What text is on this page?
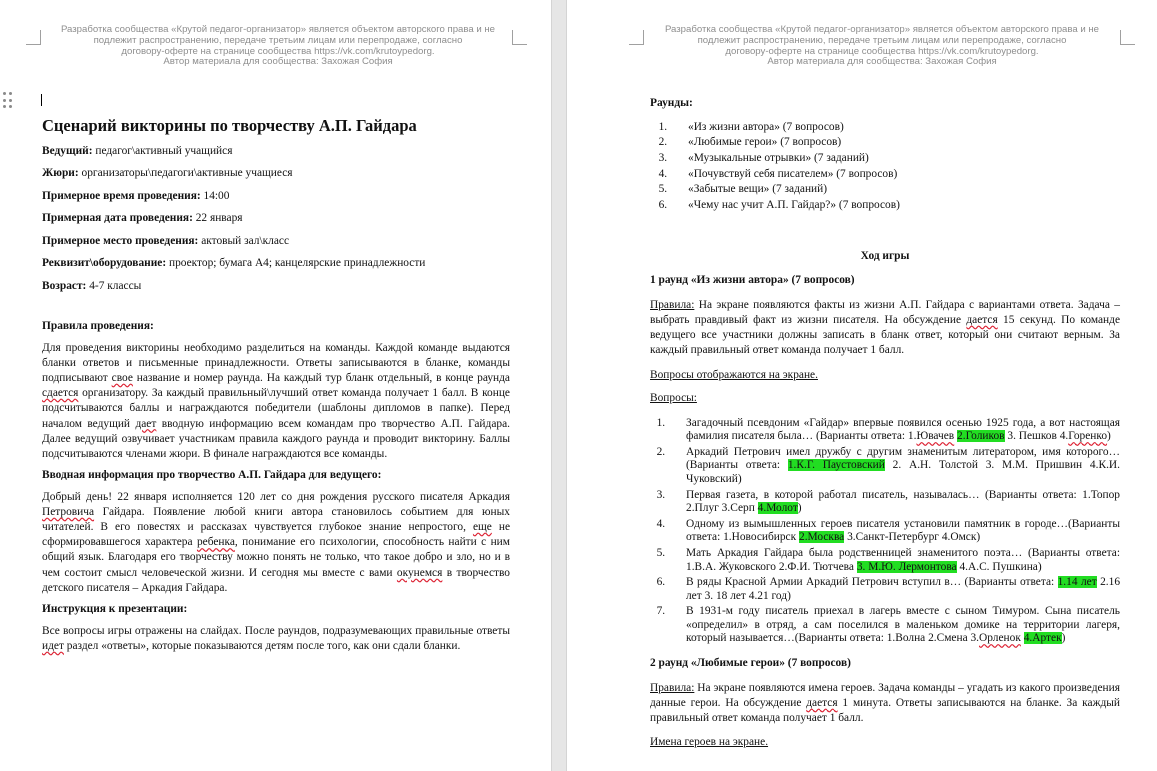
Разработка сообщества «Крутой педагог-организатор» является объектом авторского права и не
подлежит распространению, передаче третьим лицам или перепродаже, согласно
договору-оферте на странице сообщества https://vk.com/krutoypedorg.
Автор материала для сообщества: Захожая София
Сценарий викторины по творчеству А.П. Гайдара
Ведущий: педагог\активный учащийся
Жюри: организаторы\педагоги\активные учащиеся
Примерное время проведения: 14:00
Примерная дата проведения: 22 января
Примерное место проведения: актовый зал\класс
Реквизит\оборудование: проектор; бумага А4; канцелярские принадлежности
Возраст: 4-7 классы
Правила проведения:
Для проведения викторины необходимо разделиться на команды. Каждой команде выдаются бланки ответов и письменные принадлежности. Ответы записываются в бланке, команды подписывают свое название и номер раунда. На каждый тур бланк отдельный, в конце раунда сдается организатору. За каждый правильный\лучший ответ команда получает 1 балл. В конце подсчитываются баллы и награждаются победители (шаблоны дипломов в папке). Перед началом ведущий дает вводную информацию всем командам про творчество А.П. Гайдара. Далее ведущий озвучивает участникам правила каждого раунда и проводит викторину. Баллы подсчитываются членами жюри. В финале награждаются все команды.
Вводная информация про творчество А.П. Гайдара для ведущего:
Добрый день! 22 января исполняется 120 лет со дня рождения русского писателя Аркадия Петровича Гайдара. Появление любой книги автора становилось событием для юных читателей. В его повестях и рассказах чувствуется глубокое знание непростого, еще не сформировавшегося характера ребенка, понимание его психологии, способность найти с ним общий язык. Благодаря его творчеству можно понять не только, что такое добро и зло, но и в чем состоит смысл человеческой жизни. И сегодня мы вместе с вами окунемся в творчество детского писателя – Аркадия Гайдара.
Инструкция к презентации:
Все вопросы игры отражены на слайдах. После раундов, подразумевающих правильные ответы идет раздел «ответы», которые показываются детям после того, как они сдали бланки.
Разработка сообщества «Крутой педагог-организатор» является объектом авторского права и не
подлежит распространению, передаче третьим лицам или перепродаже, согласно
договору-оферте на странице сообщества https://vk.com/krutoypedorg.
Автор материала для сообщества: Захожая София
Раунды:
1. «Из жизни автора» (7 вопросов)
2. «Любимые герои» (7 вопросов)
3. «Музыкальные отрывки» (7 заданий)
4. «Почувствуй себя писателем» (7 вопросов)
5. «Забытые вещи» (7 заданий)
6. «Чему нас учит А.П. Гайдар?» (7 вопросов)
Ход игры
1 раунд «Из жизни автора» (7 вопросов)
Правила: На экране появляются факты из жизни А.П. Гайдара с вариантами ответа. Задача – выбрать правдивый факт из жизни писателя. На обсуждение дается 15 секунд. По команде ведущего все участники должны записать в бланк ответ, который они считают верным. За каждый правильный ответ команда получает 1 балл.
Вопросы отображаются на экране.
Вопросы:
1. Загадочный псевдоним «Гайдар» впервые появился осенью 1925 года, а вот настоящая фамилия писателя была… (Варианты ответа: 1.Ювачев 2.Голиков 3. Пешков 4.Горенко)
2. Аркадий Петрович имел дружбу с другим знаменитым литератором, имя которого… (Варианты ответа: 1.К.Г. Паустовский 2. А.Н. Толстой 3. М.М. Пришвин 4.К.И. Чуковский)
3. Первая газета, в которой работал писатель, называлась… (Варианты ответа: 1.Топор 2.Плуг 3.Серп 4.Молот)
4. Одному из вымышленных героев писателя установили памятник в городе…(Варианты ответа: 1.Новосибирск 2.Москва 3.Санкт-Петербург 4.Омск)
5. Мать Аркадия Гайдара была родственницей знаменитого поэта… (Варианты ответа: 1.В.А. Жуковского 2.Ф.И. Тютчева 3. М.Ю. Лермонтова 4.А.С. Пушкина)
6. В ряды Красной Армии Аркадий Петрович вступил в… (Варианты ответа: 1.14 лет 2.16 лет 3. 18 лет 4.21 год)
7. В 1931-м году писатель приехал в лагерь вместе с сыном Тимуром. Сына писатель «определил» в отряд, а сам поселился в маленьком домике на территории лагеря, который называется…(Варианты ответа: 1.Волна 2.Смена 3.Орленок 4.Артек)
2 раунд «Любимые герои» (7 вопросов)
Правила: На экране появляются имена героев. Задача команды – угадать из какого произведения данные герои. На обсуждение дается 1 минута. Ответы записываются на бланке. За каждый правильный ответ команда получает 1 балл.
Имена героев на экране.
